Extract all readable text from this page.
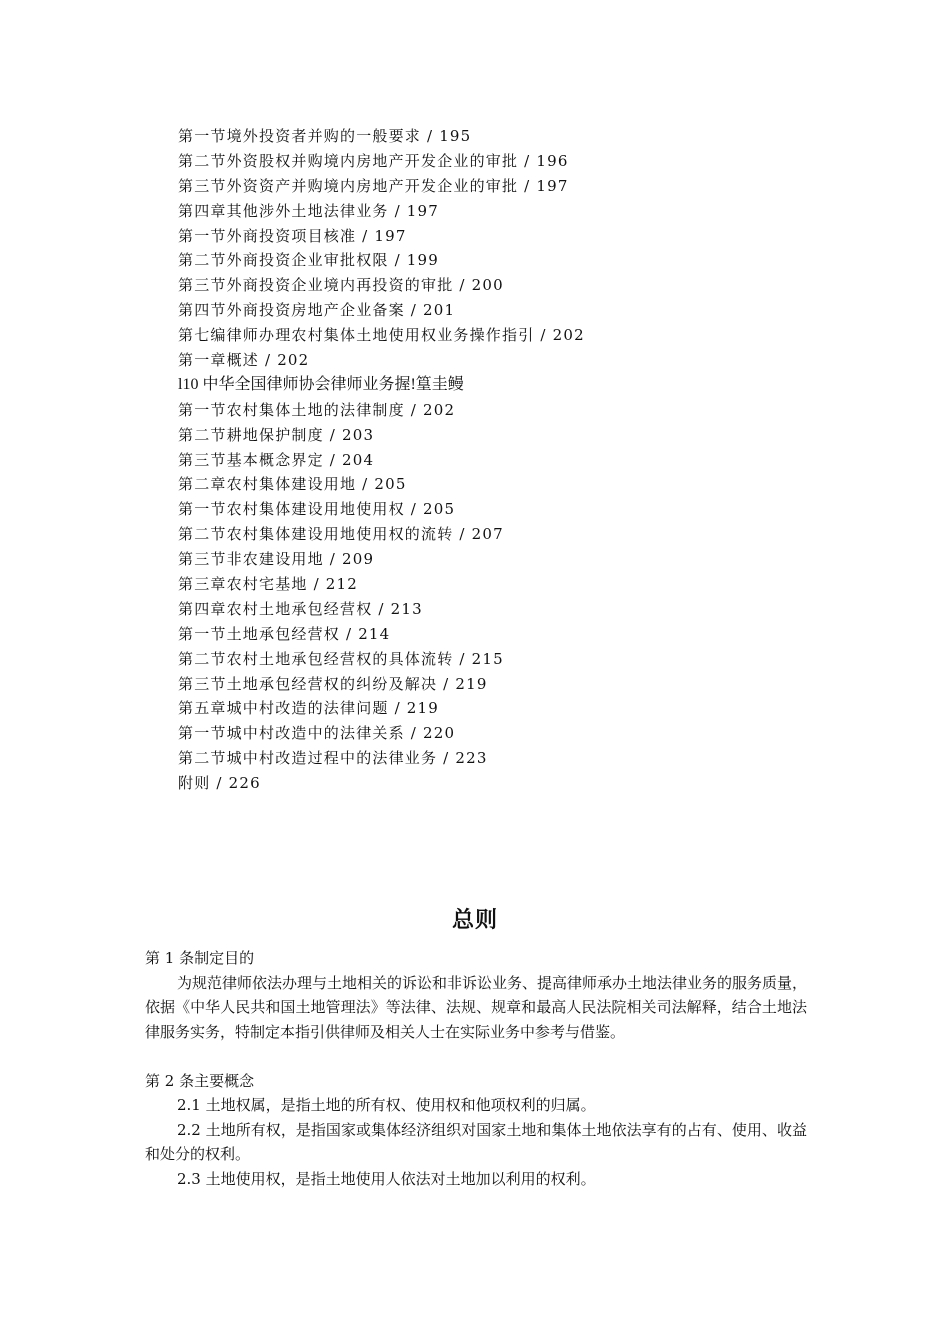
第一节境外投资者并购的一般要求 / 195
第二节外资股权并购境内房地产开发企业的审批 / 196
第三节外资资产并购境内房地产开发企业的审批 / 197
第四章其他涉外土地法律业务 / 197
第一节外商投资项目核准 / 197
第二节外商投资企业审批权限 / 199
第三节外商投资企业境内再投资的审批 / 200
第四节外商投资房地产企业备案 / 201
第七编律师办理农村集体土地使用权业务操作指引 / 202
第一章概述 / 202
l10 中华全国律师协会律师业务握!篁圭鳗
第一节农村集体土地的法律制度 / 202
第二节耕地保护制度 / 203
第三节基本概念界定 / 204
第二章农村集体建设用地 / 205
第一节农村集体建设用地使用权 / 205
第二节农村集体建设用地使用权的流转 / 207
第三节非农建设用地 / 209
第三章农村宅基地 / 212
第四章农村土地承包经营权 / 213
第一节土地承包经营权 / 214
第二节农村土地承包经营权的具体流转 / 215
第三节土地承包经营权的纠纷及解决 / 219
第五章城中村改造的法律问题 / 219
第一节城中村改造中的法律关系 / 220
第二节城中村改造过程中的法律业务 / 223
附则 / 226
总则

第 1 条制定目的

为规范律师依法办理与土地相关的诉讼和非诉讼业务、提高律师承办土地法律业务的服务质量，依据《中华人民共和国土地管理法》等法律、法规、规章和最高人民法院相关司法解释，结合土地法律服务实务，特制定本指引供律师及相关人士在实际业务中参考与借鉴。

第 2 条主要概念

2.1 土地权属，是指土地的所有权、使用权和他项权利的归属。

2.2 土地所有权，是指国家或集体经济组织对国家土地和集体土地依法享有的占有、使用、收益和处分的权利。

2.3 土地使用权，是指土地使用人依法对土地加以利用的权利。
